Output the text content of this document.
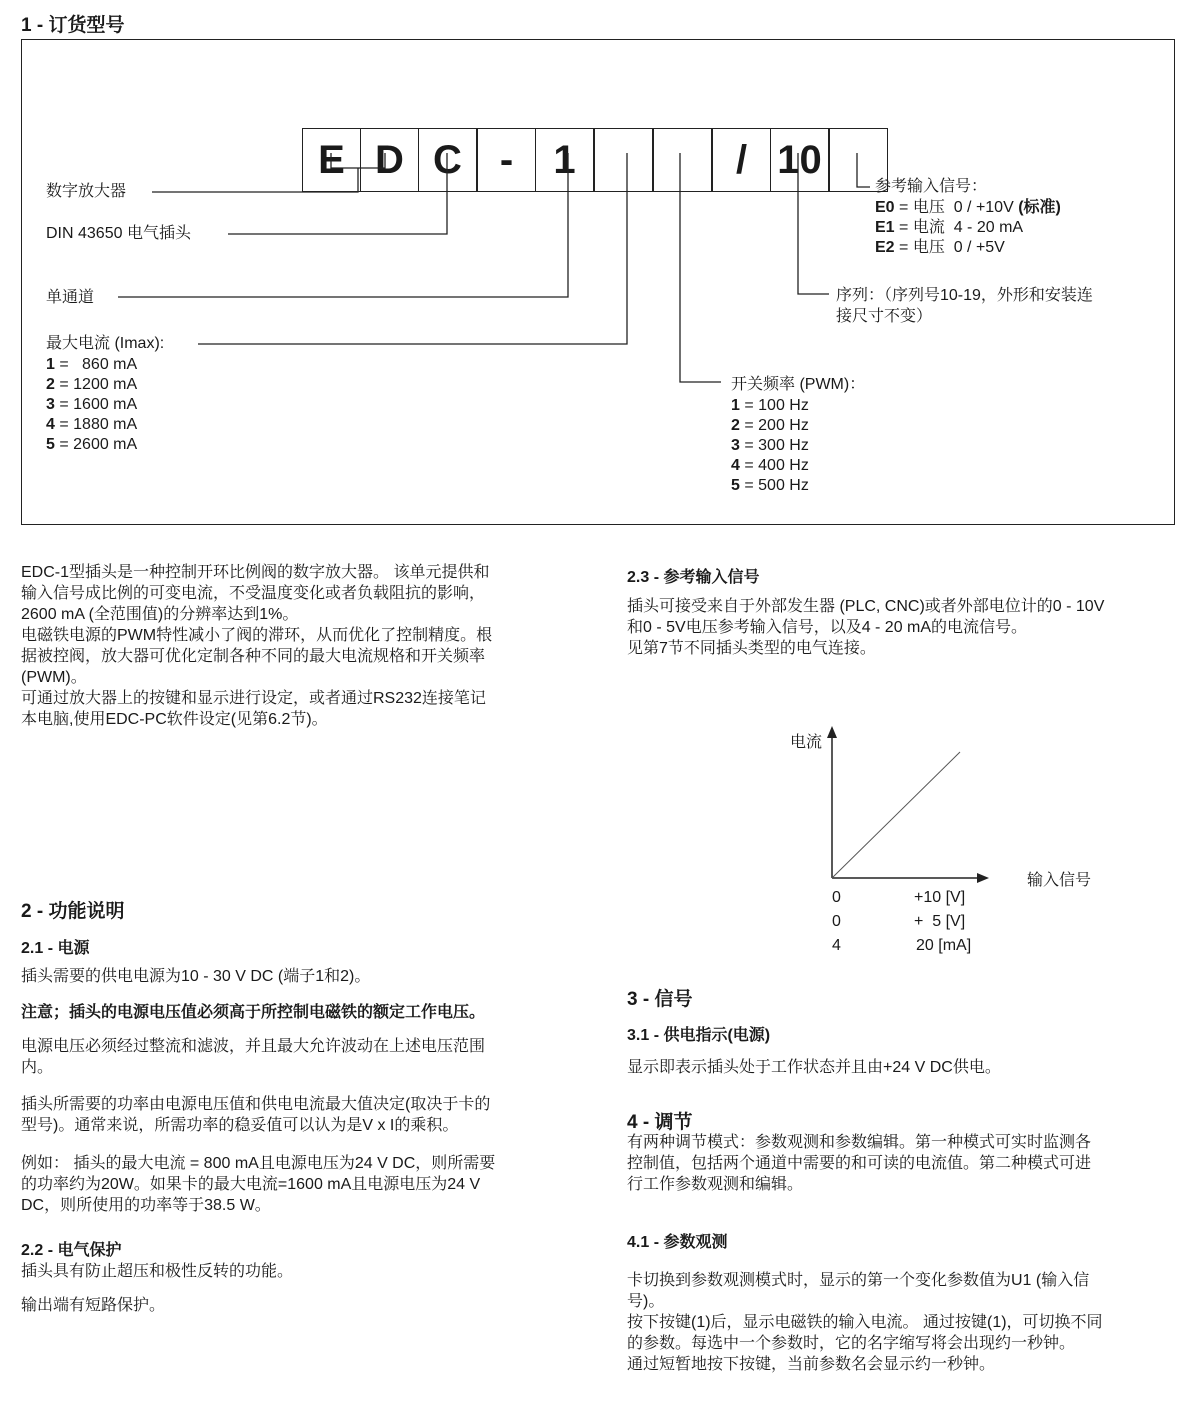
1 - 订货型号
E D C -	1	/ 10
数字放大器
DIN 43650 电气插头
单通道
最大电流 (Imax):
1 =   860 mA
2 = 1200 mA
3 = 1600 mA
4 = 1880 mA
5 = 2600 mA
参考输入信号：
E0 = 电压  0 / +10V (标准)
E1 = 电流  4 - 20 mA
E2 = 电压  0 / +5V
序列：（序列号10-19，外形和安装连
接尺寸不变）
开关频率 (PWM)：
1 = 100 Hz
2 = 200 Hz
3 = 300 Hz
4 = 400 Hz
5 = 500 Hz
EDC-1型插头是一种控制开环比例阀的数字放大器。 该单元提供和
输入信号成比例的可变电流，不受温度变化或者负载阻抗的影响，
2600 mA (全范围值)的分辨率达到1%。
电磁铁电源的PWM特性减小了阀的滞环，从而优化了控制精度。根
据被控阀，放大器可优化定制各种不同的最大电流规格和开关频率
(PWM)。
可通过放大器上的按键和显示进行设定，或者通过RS232连接笔记
本电脑,使用EDC-PC软件设定(见第6.2节)。
2 - 功能说明
2.1 - 电源
插头需要的供电电源为10 - 30 V DC (端子1和2)。
注意；插头的电源电压值必须高于所控制电磁铁的额定工作电压。
电源电压必须经过整流和滤波，并且最大允许波动在上述电压范围
内。
插头所需要的功率由电源电压值和供电电流最大值决定(取决于卡的
型号)。通常来说，所需功率的稳妥值可以认为是V x I的乘积。
例如： 插头的最大电流 = 800 mA且电源电压为24 V DC，则所需要
的功率约为20W。如果卡的最大电流=1600 mA且电源电压为24 V
DC，则所使用的功率等于38.5 W。
2.2 - 电气保护
插头具有防止超压和极性反转的功能。
输出端有短路保护。
2.3 - 参考输入信号
插头可接受来自于外部发生器 (PLC, CNC)或者外部电位计的0 - 10V
和0 - 5V电压参考输入信号，以及4 - 20 mA的电流信号。
见第7节不同插头类型的电气连接。
电流
输入信号
0	+10 [V]
0	+  5 [V]
4	20 [mA]
3 - 信号
3.1 - 供电指示(电源)
显示即表示插头处于工作状态并且由+24 V DC供电。
4 - 调节
有两种调节模式：参数观测和参数编辑。第一种模式可实时监测各
控制值，包括两个通道中需要的和可读的电流值。第二种模式可进
行工作参数观测和编辑。
4.1 - 参数观测
卡切换到参数观测模式时，显示的第一个变化参数值为U1 (输入信
号)。
按下按键(1)后，显示电磁铁的输入电流。 通过按键(1)，可切换不同
的参数。每选中一个参数时，它的名字缩写将会出现约一秒钟。
通过短暂地按下按键，当前参数名会显示约一秒钟。
